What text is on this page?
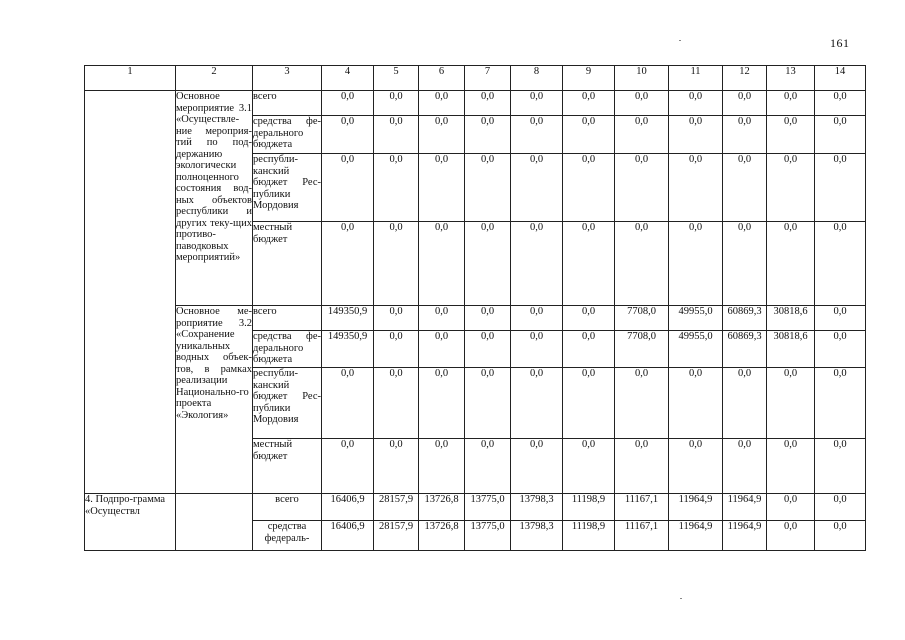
161
1	2	3	4	5	6	7	8	9	10	11	12	13	14
	Основное мероприятие 3.1 «Осуществле-ние мероприя-тий по под-держанию экологически полноценного состояния вод-ных объектов республики и других теку-щих противо-паводковых мероприятий»	всего	0,0	0,0	0,0	0,0	0,0	0,0	0,0	0,0	0,0	0,0	0,0
		средства фе-дерального бюджета	0,0	0,0	0,0	0,0	0,0	0,0	0,0	0,0	0,0	0,0	0,0
		республи-канский бюджет Рес-публики Мордовия	0,0	0,0	0,0	0,0	0,0	0,0	0,0	0,0	0,0	0,0	0,0
		местный бюджет	0,0	0,0	0,0	0,0	0,0	0,0	0,0	0,0	0,0	0,0	0,0
	Основное ме-роприятие 3.2 «Сохранение уникальных водных объек-тов, в рамках реализации Национально-го проекта «Экология»	всего	149350,9	0,0	0,0	0,0	0,0	0,0	7708,0	49955,0	60869,3	30818,6	0,0
		средства фе-дерального бюджета	149350,9	0,0	0,0	0,0	0,0	0,0	7708,0	49955,0	60869,3	30818,6	0,0
		республи-канский бюджет Рес-публики Мордовия	0,0	0,0	0,0	0,0	0,0	0,0	0,0	0,0	0,0	0,0	0,0
		местный бюджет	0,0	0,0	0,0	0,0	0,0	0,0	0,0	0,0	0,0	0,0	0,0
4. Подпро-грамма «Осуществл		всего	16406,9	28157,9	13726,8	13775,0	13798,3	11198,9	11167,1	11964,9	11964,9	0,0	0,0
		средства федераль-	16406,9	28157,9	13726,8	13775,0	13798,3	11198,9	11167,1	11964,9	11964,9	0,0	0,0
